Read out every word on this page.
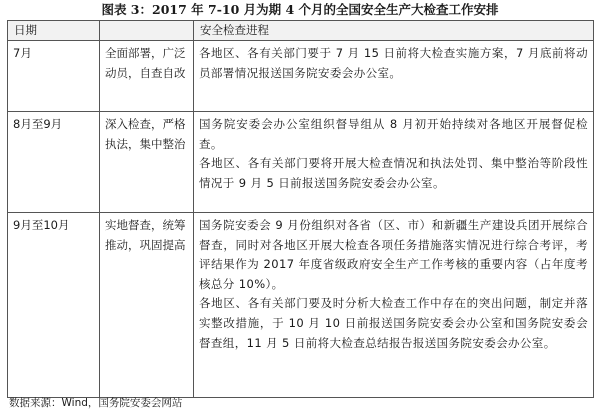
图表 3：2017 年 7-10 月为期 4 个月的全国安全生产大检查工作安排
日期		安全检查进程
7月	全面部署，广泛动员，自查自改	各地区、各有关部门要于 7 月 15 日前将大检查实施方案，7 月底前将动员部署情况报送国务院安委会办公室。

8月至9月	深入检查，严格执法，集中整治	国务院安委会办公室组织督导组从 8 月初开始持续对各地区开展督促检查。

各地区、各有关部门要将开展大检查情况和执法处罚、集中整治等阶段性情况于 9 月 5 日前报送国务院安委会办公室。

9月至10月	实地督查，统筹推动，巩固提高	国务院安委会 9 月份组织对各省（区、市）和新疆生产建设兵团开展综合督查，同时对各地区开展大检查各项任务措施落实情况进行综合考评，考评结果作为 2017 年度省级政府安全生产工作考核的重要内容（占年度考核总分 10%）。

各地区、各有关部门要及时分析大检查工作中存在的突出问题，制定并落实整改措施，于 10 月 10 日前报送国务院安委会办公室和国务院安委会督查组，11 月 5 日前将大检查总结报告报送国务院安委会办公室。

数据来源：Wind，国务院安委会网站
